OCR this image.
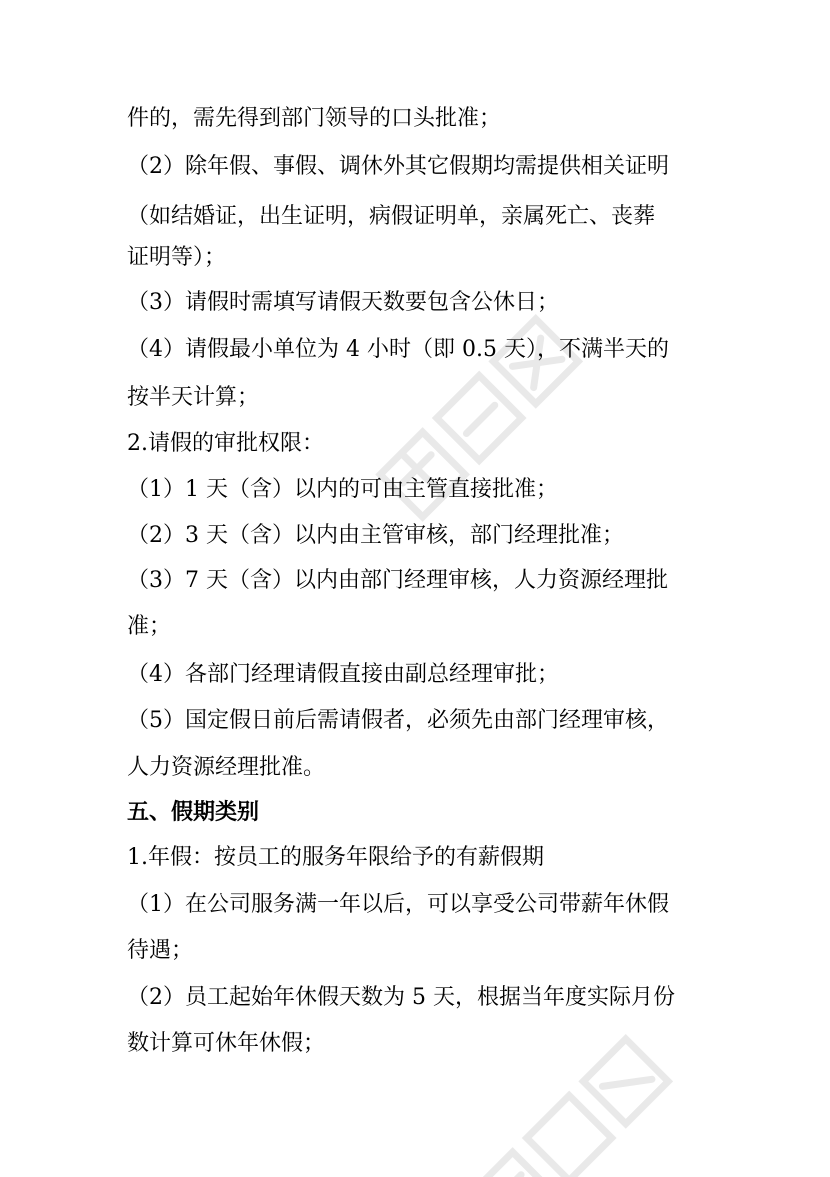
件的，需先得到部门领导的口头批准；
（2）除年假、事假、调休外其它假期均需提供相关证明
（如结婚证，出生证明，病假证明单，亲属死亡、丧葬
证明等）；
（3）请假时需填写请假天数要包含公休日；
（4）请假最小单位为 4 小时（即 0.5 天），不满半天的
按半天计算；
2.请假的审批权限：
（1）1 天（含）以内的可由主管直接批准；
（2）3 天（含）以内由主管审核，部门经理批准；
（3）7 天（含）以内由部门经理审核，人力资源经理批
准；
（4）各部门经理请假直接由副总经理审批；
（5）国定假日前后需请假者，必须先由部门经理审核，
人力资源经理批准。
五、假期类别
1.年假：按员工的服务年限给予的有薪假期
（1）在公司服务满一年以后，可以享受公司带薪年休假
待遇；
（2）员工起始年休假天数为 5 天，根据当年度实际月份
数计算可休年休假；
